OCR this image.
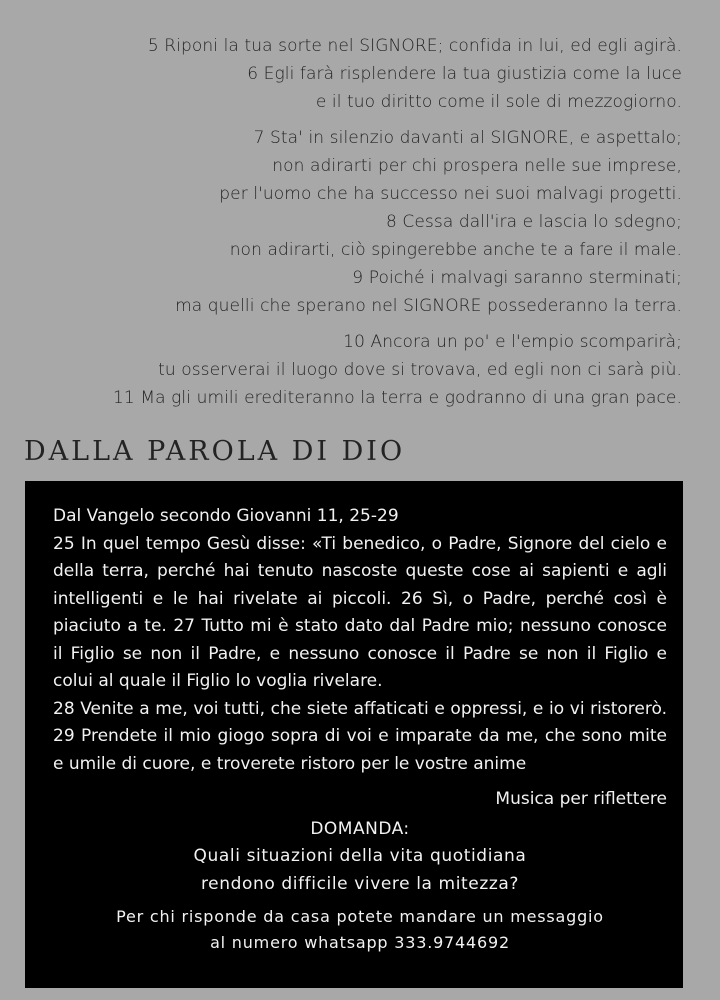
5 Riponi la tua sorte nel SIGNORE; confida in lui, ed egli agirà.
6 Egli farà risplendere la tua giustizia come la luce
e il tuo diritto come il sole di mezzogiorno.
7 Sta' in silenzio davanti al SIGNORE, e aspettalo;
non adirarti per chi prospera nelle sue imprese,
per l'uomo che ha successo nei suoi malvagi progetti.
8 Cessa dall'ira e lascia lo sdegno;
non adirarti, ciò spingerebbe anche te a fare il male.
9 Poiché i malvagi saranno sterminati;
ma quelli che sperano nel SIGNORE possederanno la terra.
10 Ancora un po' e l'empio scomparirà;
tu osserverai il luogo dove si trovava, ed egli non ci sarà più.
11 Ma gli umili erediteranno la terra e godranno di una gran pace.
DALLA PAROLA DI DIO
Dal Vangelo secondo Giovanni 11, 25-29

25 In quel tempo Gesù disse: «Ti benedico, o Padre, Signore del cielo e della terra, perché hai tenuto nascoste queste cose ai sapienti e agli intelligenti e le hai rivelate ai piccoli. 26 Sì, o Padre, perché così è piaciuto a te. 27 Tutto mi è stato dato dal Padre mio; nessuno conosce il Figlio se non il Padre, e nessuno conosce il Padre se non il Figlio e colui al quale il Figlio lo voglia rivelare.

28 Venite a me, voi tutti, che siete affaticati e oppressi, e io vi ristorerò. 29 Prendete il mio giogo sopra di voi e imparate da me, che sono mite e umile di cuore, e troverete ristoro per le vostre anime

Musica per riflettere
DOMANDA:
Quali situazioni della vita quotidiana
rendono difficile vivere la mitezza?
Per chi risponde da casa potete mandare un messaggio
al numero whatsapp 333.9744692
